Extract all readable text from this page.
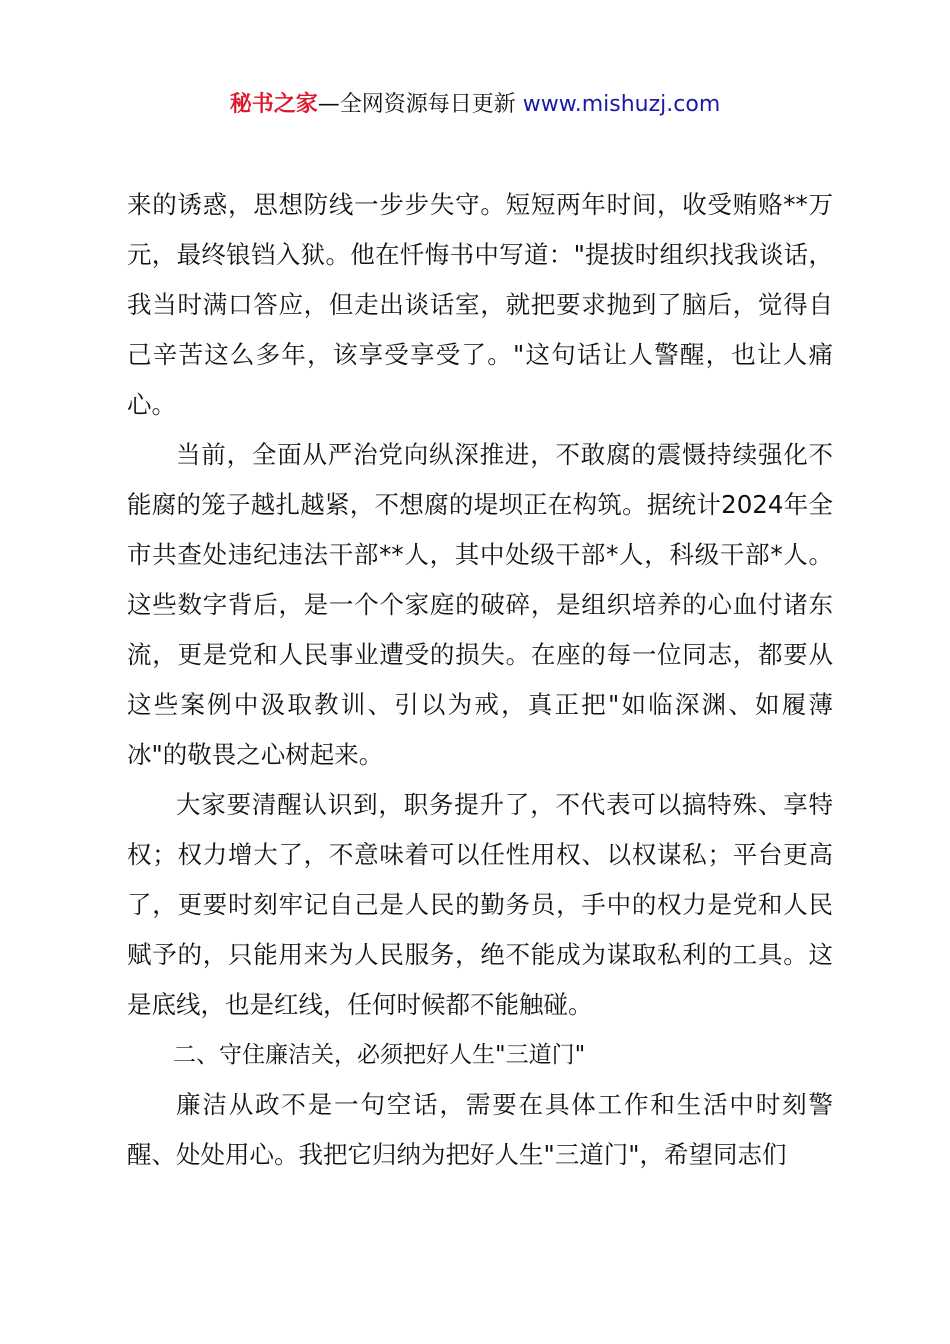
秘书之家—全网资源每日更新 www.mishuzj.com

来的诱惑，思想防线一步步失守。短短两年时间，收受贿赂**万元，最终锒铛入狱。他在忏悔书中写道："提拔时组织找我谈话，我当时满口答应，但走出谈话室，就把要求抛到了脑后，觉得自己辛苦这么多年，该享受享受了。"这句话让人警醒，也让人痛心。

当前，全面从严治党向纵深推进，不敢腐的震慑持续强化不能腐的笼子越扎越紧，不想腐的堤坝正在构筑。据统计2024年全市共查处违纪违法干部**人，其中处级干部*人，科级干部*人。这些数字背后，是一个个家庭的破碎，是组织培养的心血付诸东流，更是党和人民事业遭受的损失。在座的每一位同志，都要从这些案例中汲取教训、引以为戒，真正把"如临深渊、如履薄冰"的敬畏之心树起来。

大家要清醒认识到，职务提升了，不代表可以搞特殊、享特权；权力增大了，不意味着可以任性用权、以权谋私；平台更高了，更要时刻牢记自己是人民的勤务员，手中的权力是党和人民赋予的，只能用来为人民服务，绝不能成为谋取私利的工具。这是底线，也是红线，任何时候都不能触碰。

二、守住廉洁关，必须把好人生"三道门"

廉洁从政不是一句空话，需要在具体工作和生活中时刻警醒、处处用心。我把它归纳为把好人生"三道门"，希望同志们
